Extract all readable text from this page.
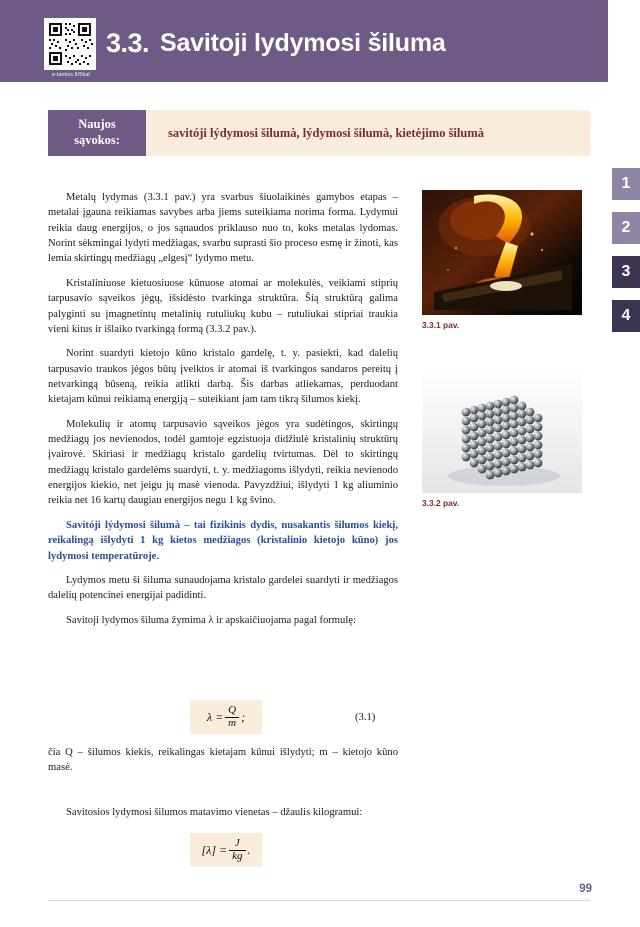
e-lankos.lt/5kat
3.3. Savitoji lydymosi šiluma
Naujos
sąvokos:
savitóji lýdymosi šilumà, lýdymosi šilumà, kietėjimo šilumà
1
2
3
4

Metalų lydymas (3.3.1 pav.) yra svarbus šiuolaikinės gamybos etapas – metalai įgauna reikiamas savybes arba jiems suteikiama norima forma. Lydymui reikia daug energijos, o jos sąnaudos priklauso nuo to, koks metalas lydomas. Norint sėkmingai lydyti medžiagas, svarbu suprasti šio proceso esmę ir žinoti, kas lemia skirtingų medžiagų „elgesį“ lydymo metu.

Kristaliniuose kietuosiuose kūnuose atomai ar molekulės, veikiami stiprių tarpusavio sąveikos jėgų, išsidėsto tvarkinga struktūra. Šią struktūrą galima palyginti su įmagnetintų metalinių rutuliukų kubu – rutuliukai stipriai traukia vieni kitus ir išlaiko tvarkingą formą (3.3.2 pav.).

Norint suardyti kietojo kūno kristalo gardelę, t. y. pasiekti, kad dalelių tarpusavio traukos jėgos būtų įveiktos ir atomai iš tvarkingos sandaros pereitų į netvarkingą būseną, reikia atlikti darbą. Šis darbas atliekamas, perduodant kietajam kūnui reikiamą energiją – suteikiant jam tam tikrą šilumos kiekį.

Molekulių ir atomų tarpusavio sąveikos jėgos yra sudėtingos, skirtingų medžiagų jos nevienodos, todėl gamtoje egzistuoja didžiulė kristalinių struktūrų įvairovė. Skiriasi ir medžiagų kristalo gardelių tvirtumas. Dėl to skirtingų medžiagų kristalo gardelėms suardyti, t. y. medžiagoms išlydyti, reikia nevienodo energijos kiekio, net jeigu jų masė vienoda. Pavyzdžiui, išlydyti 1 kg aliuminio reikia net 16 kartų daugiau energijos negu 1 kg švino.

Savitóji lýdymosi šilumà – tai fizikinis dydis, nusakantis šilumos kiekį, reikalingą išlydyti 1 kg kietos medžiagos (kristalinio kietojo kūno) jos lydymosi temperatūroje.

Lydymos metu ši šiluma sunaudojama kristalo gardelei suardyti ir medžiagos dalelių potencinei energijai padidinti.

Savitoji lydymos šiluma žymima λ ir apskaičiuojama pagal formulę:

3.3.1 pav.
3.3.2 pav.
$\lambda = \frac{Q}{m}$ ;	(3.1)

čia Q – šilumos kiekis, reikalingas kietajam kūnui išlydyti; m – kietojo kūno masė.

Savitosios lydymosi šilumos matavimo vienetas – džaulis kilogramui:
$[\lambda] = \frac{J}{kg}$ .
99
